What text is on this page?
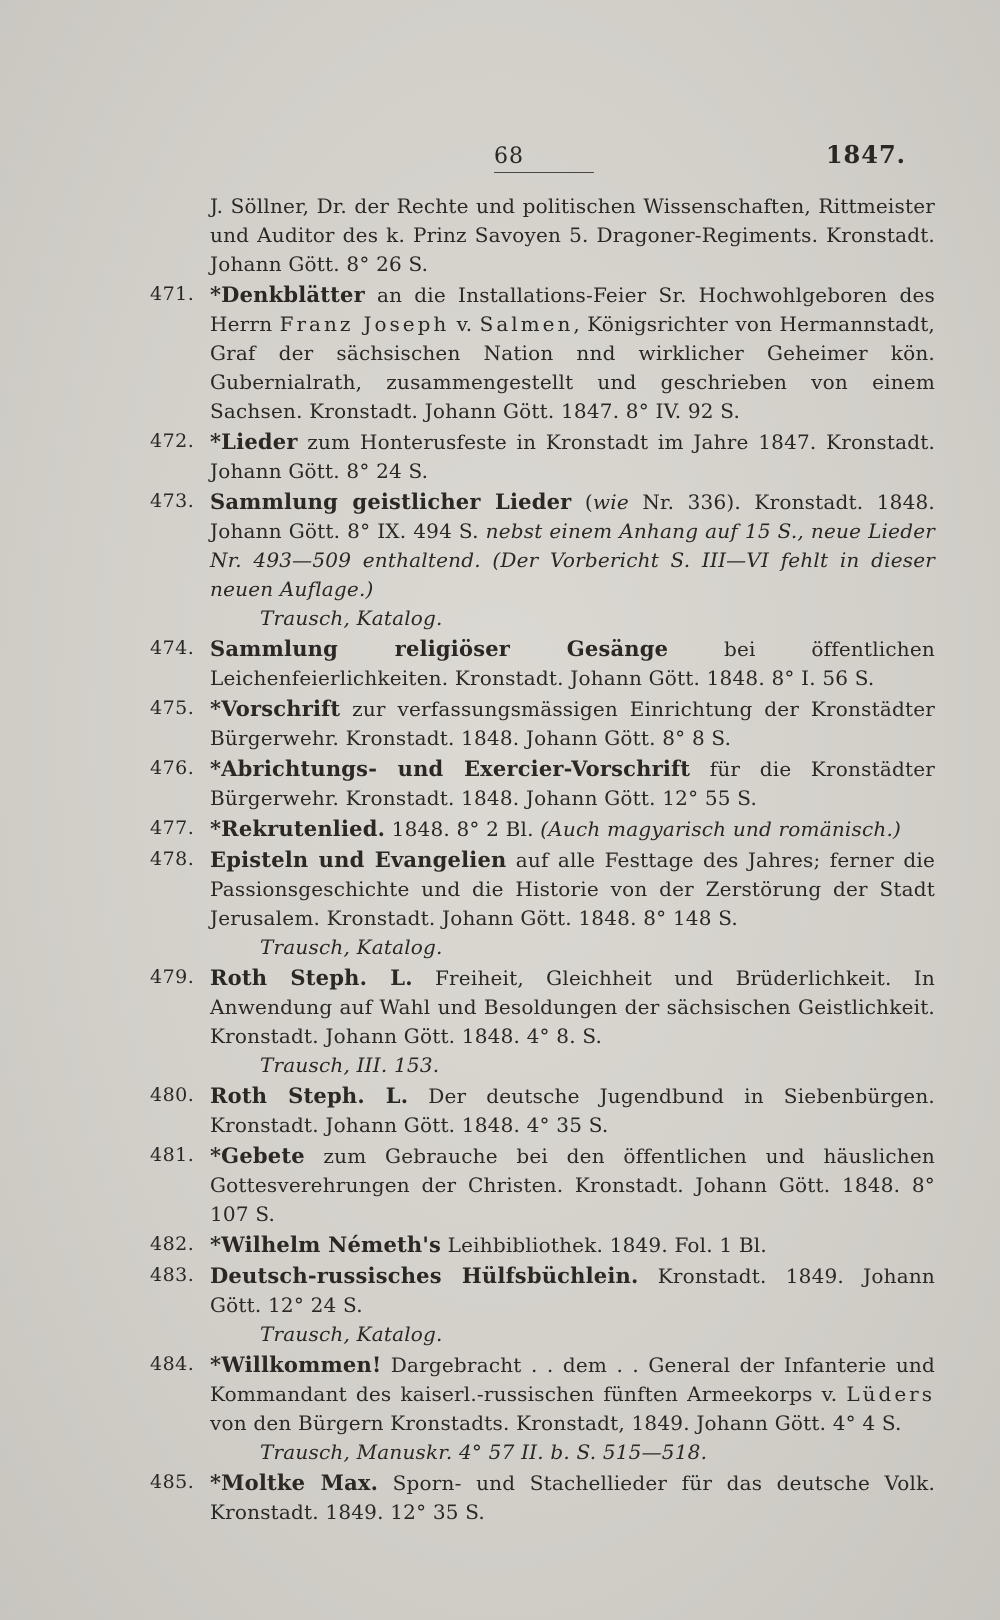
68	1847.
J. Söllner, Dr. der Rechte und politischen Wissenschaften, Rittmeister und Auditor des k. Prinz Savoyen 5. Dragoner-Regiments. Kronstadt. Johann Gött. 8° 26 S.
471. *Denkblätter an die Installations-Feier Sr. Hochwohlgeboren des Herrn Franz Joseph v. Salmen, Königsrichter von Hermannstadt, Graf der sächsischen Nation nnd wirklicher Geheimer kön. Gubernialrath, zusammengestellt und geschrieben von einem Sachsen. Kronstadt. Johann Gött. 1847. 8° IV. 92 S.
472. *Lieder zum Honterusfeste in Kronstadt im Jahre 1847. Kronstadt. Johann Gött. 8° 24 S.
473. Sammlung geistlicher Lieder (wie Nr. 336). Kronstadt. 1848. Johann Gött. 8° IX. 494 S. nebst einem Anhang auf 15 S., neue Lieder Nr. 493—509 enthaltend. (Der Vorbericht S. III—VI fehlt in dieser neuen Auflage.)
Trausch, Katalog.
474. Sammlung religiöser Gesänge bei öffentlichen Leichenfeierlichkeiten. Kronstadt. Johann Gött. 1848. 8° I. 56 S.
475. *Vorschrift zur verfassungsmässigen Einrichtung der Kronstädter Bürgerwehr. Kronstadt. 1848. Johann Gött. 8° 8 S.
476. *Abrichtungs- und Exercier-Vorschrift für die Kronstädter Bürgerwehr. Kronstadt. 1848. Johann Gött. 12° 55 S.
477. *Rekrutenlied. 1848. 8° 2 Bl. (Auch magyarisch und romänisch.)
478. Episteln und Evangelien auf alle Festtage des Jahres; ferner die Passionsgeschichte und die Historie von der Zerstörung der Stadt Jerusalem. Kronstadt. Johann Gött. 1848. 8° 148 S.
Trausch, Katalog.
479. Roth Steph. L. Freiheit, Gleichheit und Brüderlichkeit. In Anwendung auf Wahl und Besoldungen der sächsischen Geistlichkeit. Kronstadt. Johann Gött. 1848. 4° 8. S.
Trausch, III. 153.
480. Roth Steph. L. Der deutsche Jugendbund in Siebenbürgen. Kronstadt. Johann Gött. 1848. 4° 35 S.
481. *Gebete zum Gebrauche bei den öffentlichen und häuslichen Gottesverehrungen der Christen. Kronstadt. Johann Gött. 1848. 8° 107 S.
482. *Wilhelm Németh's Leihbibliothek. 1849. Fol. 1 Bl.
483. Deutsch-russisches Hülfsbüchlein. Kronstadt. 1849. Johann Gött. 12° 24 S.
Trausch, Katalog.
484. *Willkommen! Dargebracht . . dem . . General der Infanterie und Kommandant des kaiserl.-russischen fünften Armeekorps v. Lüders von den Bürgern Kronstadts. Kronstadt, 1849. Johann Gött. 4° 4 S.
Trausch, Manuskr. 4° 57 II. b. S. 515—518.
485. *Moltke Max. Sporn- und Stachellieder für das deutsche Volk. Kronstadt. 1849. 12° 35 S.
